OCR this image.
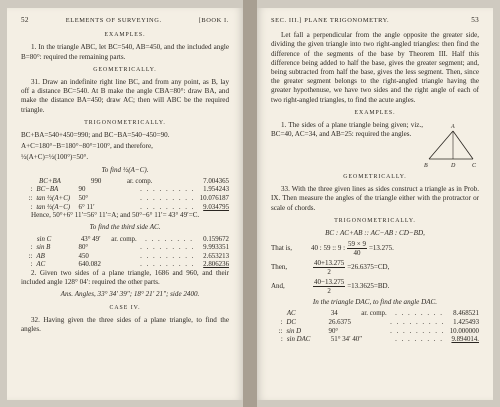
52	ELEMENTS OF SURVEYING.	[BOOK I.
EXAMPLES.

1. In the triangle ABC, let BC=540, AB=450, and the included angle B=80°: required the remaining parts.

GEOMETRICALLY.

31. Draw an indefinite right line BC, and from any point, as B, lay off a distance BC=540. At B make the angle CBA=80°: draw BA, and make the distance BA=450; draw AC; then will ABC be the required triangle.

TRIGONOMETRICALLY.

BC+BA=540+450=990; and BC−BA=540−450=90.

A+C=180°−B=180°−80°=100°, and therefore,

½(A+C)=½(100°)=50°.

To find ½(A−C).
BC+BA	990	ar. comp.	7.004365
: BC−BA	90	. . . . . . . . .	1.954243
:: tan ½(A+C)	50°	. . . . . . . . . 10.076187
: tan ½(A−C)	6° 11′	. . . . . . . . .	9.034795

Hence, 50°+6° 11′=56° 11′=A; and 50°−6° 11′= 43° 49′=C.

To find the third side AC.
sin C	43° 49′	ar. comp.	. . . . . . . .	0.159672
: sin B	80°	. . . . . . . . .	9.993351
:: AB	450	. . . . . . . . .	2.653213
: AC	640.082	. . . . . . . . .	2.806236

2. Given two sides of a plane triangle, 1686 and 960, and their included angle 128° 04′: required the other parts.

Ans. Angles, 33° 34′ 39″; 18° 21′ 21″; side 2400.

CASE IV.

32. Having given the three sides of a plane triangle, to find the angles.

SEC. III.] PLANE TRIGONOMETRY.	53

Let fall a perpendicular from the angle opposite the greater side, dividing the given triangle into two right-angled triangles: then find the difference of the segments of the base by Theorem III. Half this difference being added to half the base, gives the greater segment; and, being subtracted from half the base, gives the less segment. Then, since the greater segment belongs to the right-angled triangle having the greater hypothenuse, we have two sides and the right angle of each of two right-angled triangles, to find the acute angles.

EXAMPLES.

1. The sides of a plane triangle being given; viz., BC=40, AC=34, and AB=25: required the angles.

A
B	D	C
GEOMETRICALLY.

33. With the three given lines as sides construct a triangle as in Prob. IX. Then measure the angles of the triangle either with the protractor or scale of chords.

TRIGONOMETRICALLY.
BC : AC+AB :: AC−AB : CD−BD,
That is,	40 : 59 :: 9 : $\frac{59 \times 9}{40} =13.275$.
Then,	$\frac{40+13.275}{2} =26.6375=CD$,
And,	$\frac{40-13.275}{2} =13.3625=BD$.
In the triangle DAC, to find the angle DAC.
AC	34	ar. comp.	. . . . . . . .	8.468521
: DC	26.6375	. . . . . . . . .	1.425493
:: sin D	90°	. . . . . . . . . 10.000000
: sin DAC	51° 34′ 40″	. . . . . . . .	9.894014.
